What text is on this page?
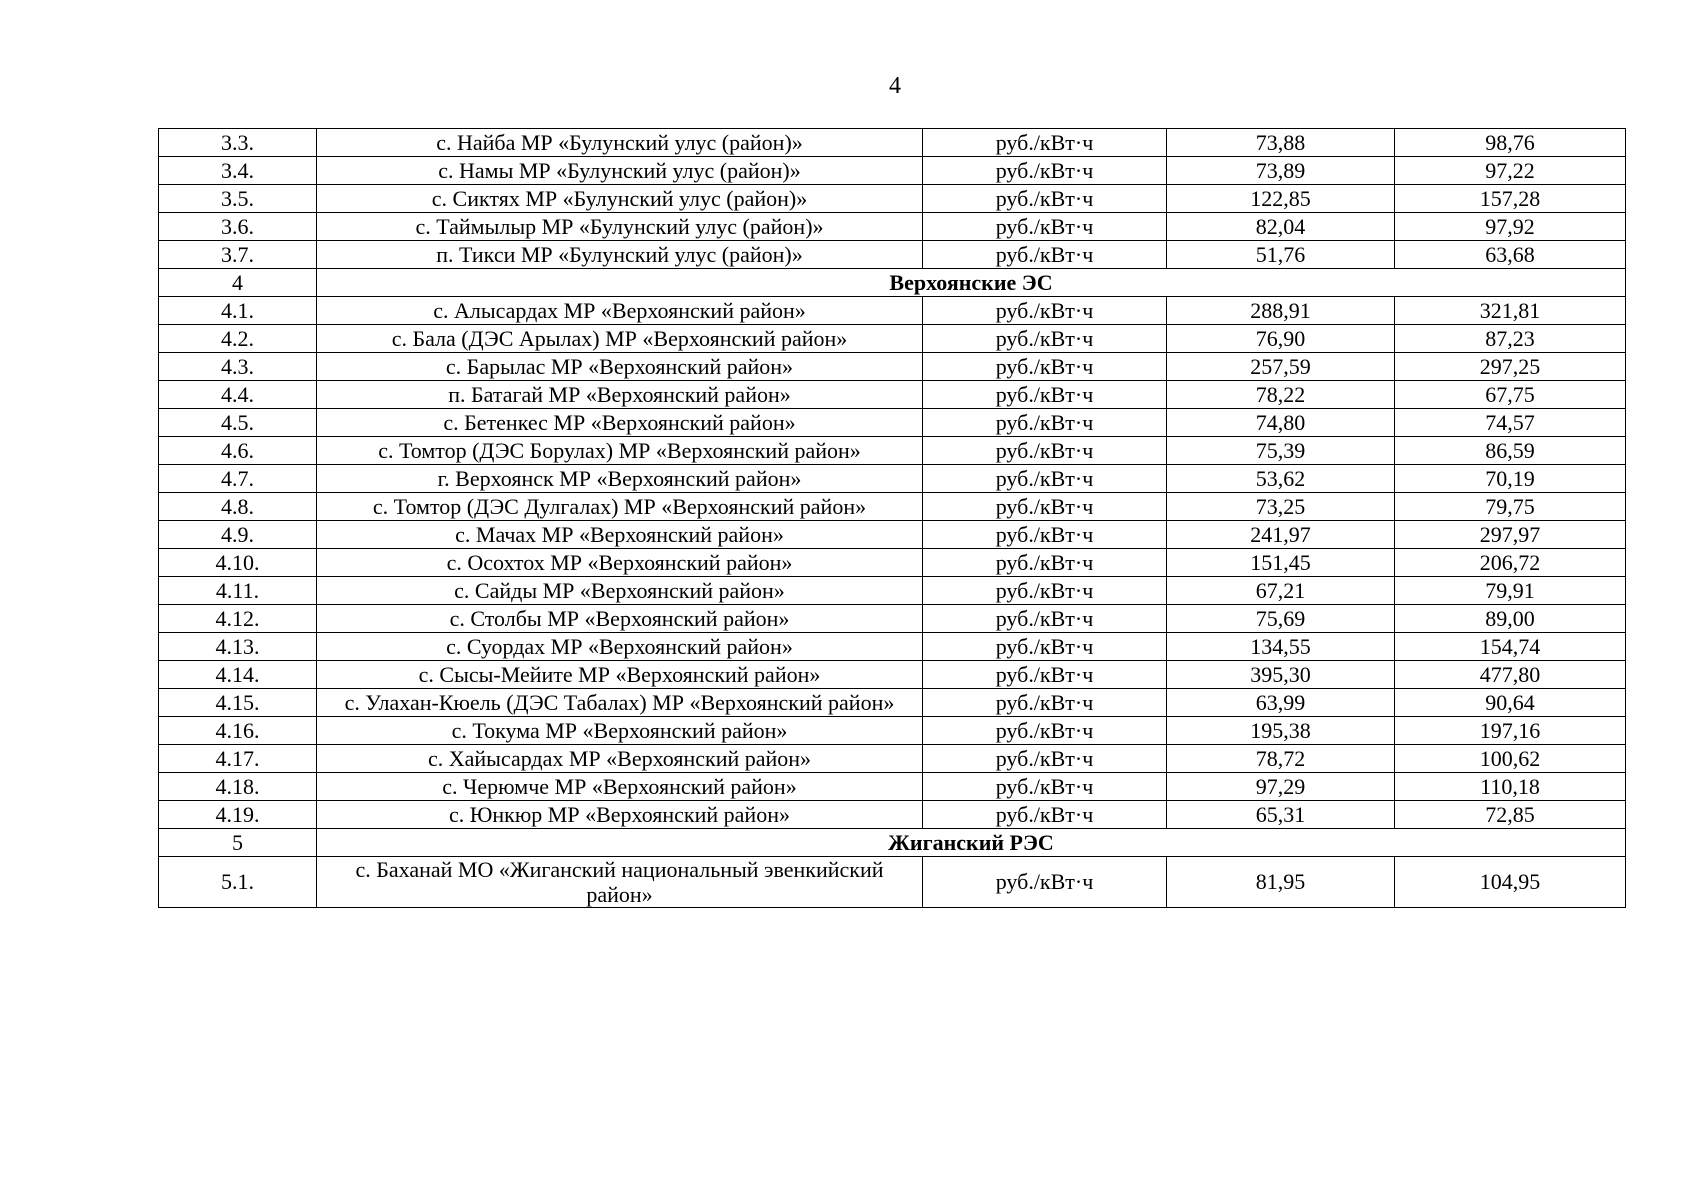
4
3.3.	с. Найба МР «Булунский улус (район)»	руб./кВт·ч	73,88	98,76
3.4.	с. Намы МР «Булунский улус (район)»	руб./кВт·ч	73,89	97,22
3.5.	с. Сиктях МР «Булунский улус (район)»	руб./кВт·ч	122,85	157,28
3.6.	с. Таймылыр МР «Булунский улус (район)»	руб./кВт·ч	82,04	97,92
3.7.	п. Тикси МР «Булунский улус (район)»	руб./кВт·ч	51,76	63,68
4	Верхоянские ЭС			
4.1.	с. Алысардах МР «Верхоянский район»	руб./кВт·ч	288,91	321,81
4.2.	с. Бала (ДЭС Арылах) МР «Верхоянский район»	руб./кВт·ч	76,90	87,23
4.3.	с. Барылас МР «Верхоянский район»	руб./кВт·ч	257,59	297,25
4.4.	п. Батагай МР «Верхоянский район»	руб./кВт·ч	78,22	67,75
4.5.	с. Бетенкес МР «Верхоянский район»	руб./кВт·ч	74,80	74,57
4.6.	с. Томтор (ДЭС Борулах) МР «Верхоянский район»	руб./кВт·ч	75,39	86,59
4.7.	г. Верхоянск МР «Верхоянский район»	руб./кВт·ч	53,62	70,19
4.8.	с. Томтор (ДЭС Дулгалах) МР «Верхоянский район»	руб./кВт·ч	73,25	79,75
4.9.	с. Мачах МР «Верхоянский район»	руб./кВт·ч	241,97	297,97
4.10.	с. Осохтох МР «Верхоянский район»	руб./кВт·ч	151,45	206,72
4.11.	с. Сайды МР «Верхоянский район»	руб./кВт·ч	67,21	79,91
4.12.	с. Столбы МР «Верхоянский район»	руб./кВт·ч	75,69	89,00
4.13.	с. Суордах МР «Верхоянский район»	руб./кВт·ч	134,55	154,74
4.14.	с. Сысы-Мейите МР «Верхоянский район»	руб./кВт·ч	395,30	477,80
4.15.	с. Улахан-Кюель (ДЭС Табалах) МР «Верхоянский район»	руб./кВт·ч	63,99	90,64
4.16.	с. Токума МР «Верхоянский район»	руб./кВт·ч	195,38	197,16
4.17.	с. Хайысардах МР «Верхоянский район»	руб./кВт·ч	78,72	100,62
4.18.	с. Черюмче МР «Верхоянский район»	руб./кВт·ч	97,29	110,18
4.19.	с. Юнкюр МР «Верхоянский район»	руб./кВт·ч	65,31	72,85
5	Жиганский РЭС			
5.1.	с. Баханай МО «Жиганский национальный эвенкийский район»	руб./кВт·ч	81,95	104,95
